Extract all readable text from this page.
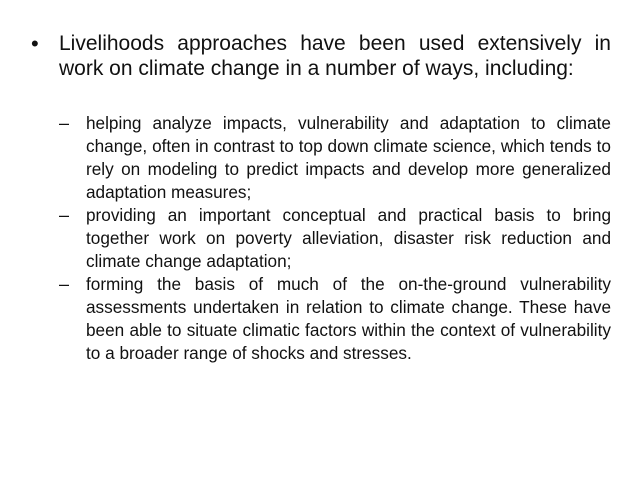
• Livelihoods approaches have been used extensively in work on climate change in a number of ways, including:
– helping analyze impacts, vulnerability and adaptation to climate change, often in contrast to top down climate science, which tends to rely on modeling to predict impacts and develop more generalized adaptation measures;
– providing an important conceptual and practical basis to bring together work on poverty alleviation, disaster risk reduction and climate change adaptation;
– forming the basis of much of the on-the-ground vulnerability assessments undertaken in relation to climate change. These have been able to situate climatic factors within the context of vulnerability to a broader range of shocks and stresses.
